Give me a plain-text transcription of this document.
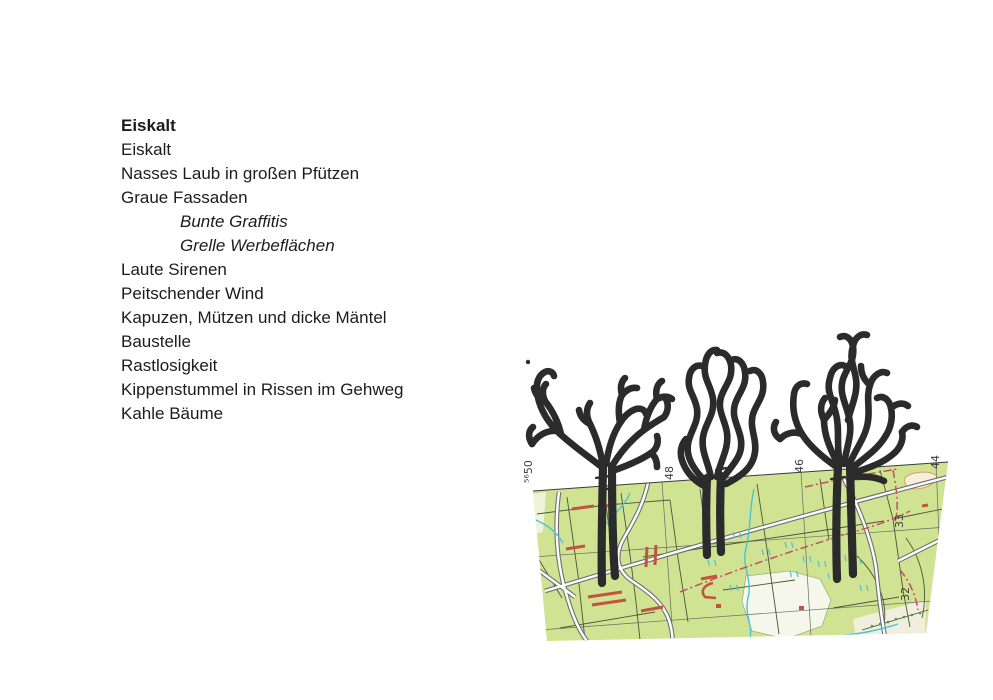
Eiskalt
Eiskalt
Nasses Laub in großen Pfützen
Graue Fassaden
Bunte Graffitis
Grelle Werbeflächen
Laute Sirenen
Peitschender Wind
Kapuzen, Mützen und dicke Mäntel
Baustelle
Rastlosigkeit
Kippenstummel in Rissen im Gehweg
Kahle Bäume
⁵⁶50	48	46	44
33
32
